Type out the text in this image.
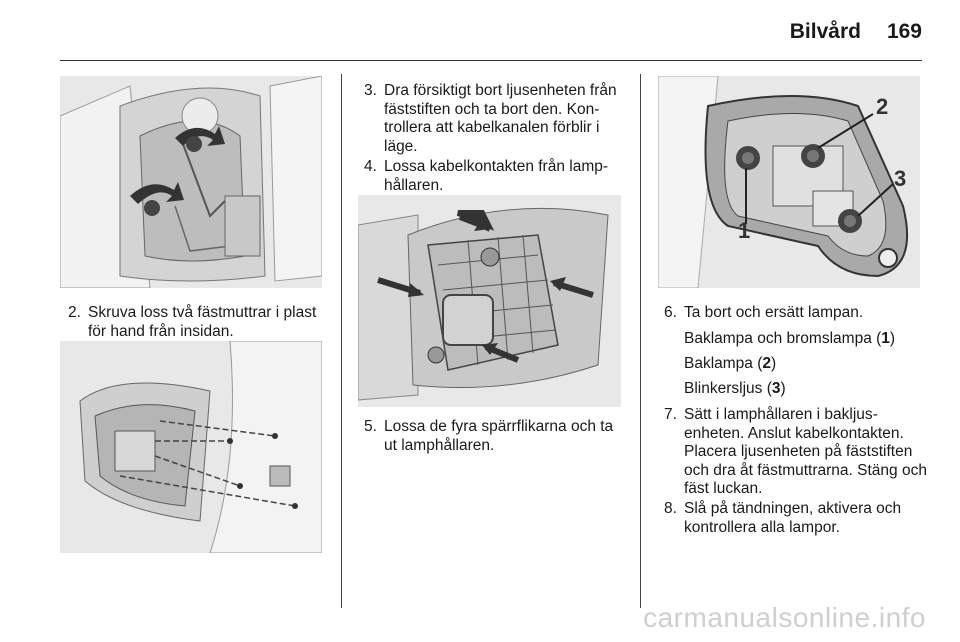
Bilvård 169
2. Skruva loss två fästmuttrar i plast för hand från insidan.
3. Dra försiktigt bort ljusenheten från fäststiften och ta bort den. Kontrollera att kabelkanalen förblir i läge.
4. Lossa kabelkontakten från lamphållaren.
5. Lossa de fyra spärrflikarna och ta ut lamphållaren.
1
2
3
6. Ta bort och ersätt lampan.
Baklampa och bromslampa (1)
Baklampa (2)
Blinkersljus (3)
7. Sätt i lamphållaren i bakljusenheten. Anslut kabelkontakten. Placera ljusenheten på fäststiften och dra åt fästmuttrarna. Stäng och fäst luckan.
8. Slå på tändningen, aktivera och kontrollera alla lampor.
carmanualsonline.info
